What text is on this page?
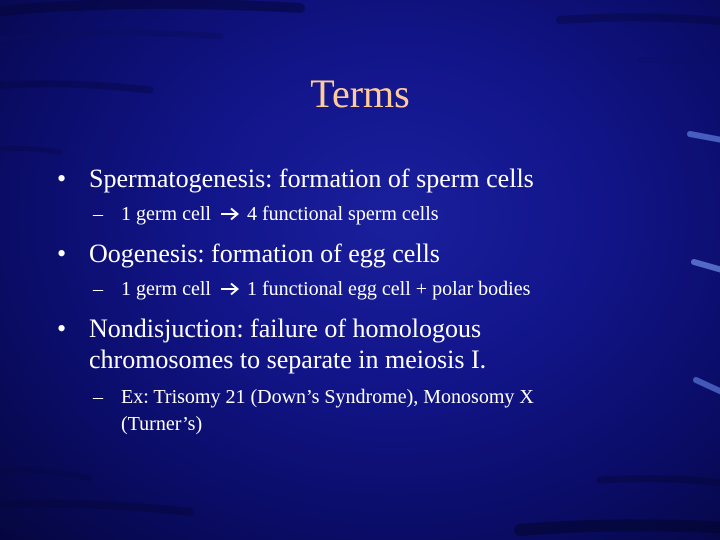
Terms
• Spermatogenesis: formation of sperm cells
– 1 germ cell 4 functional sperm cells
• Oogenesis: formation of egg cells
– 1 germ cell 1 functional egg cell + polar bodies
• Nondisjuction: failure of homologous
chromosomes to separate in meiosis I.
– Ex: Trisomy 21 (Down’s Syndrome), Monosomy X
(Turner’s)
